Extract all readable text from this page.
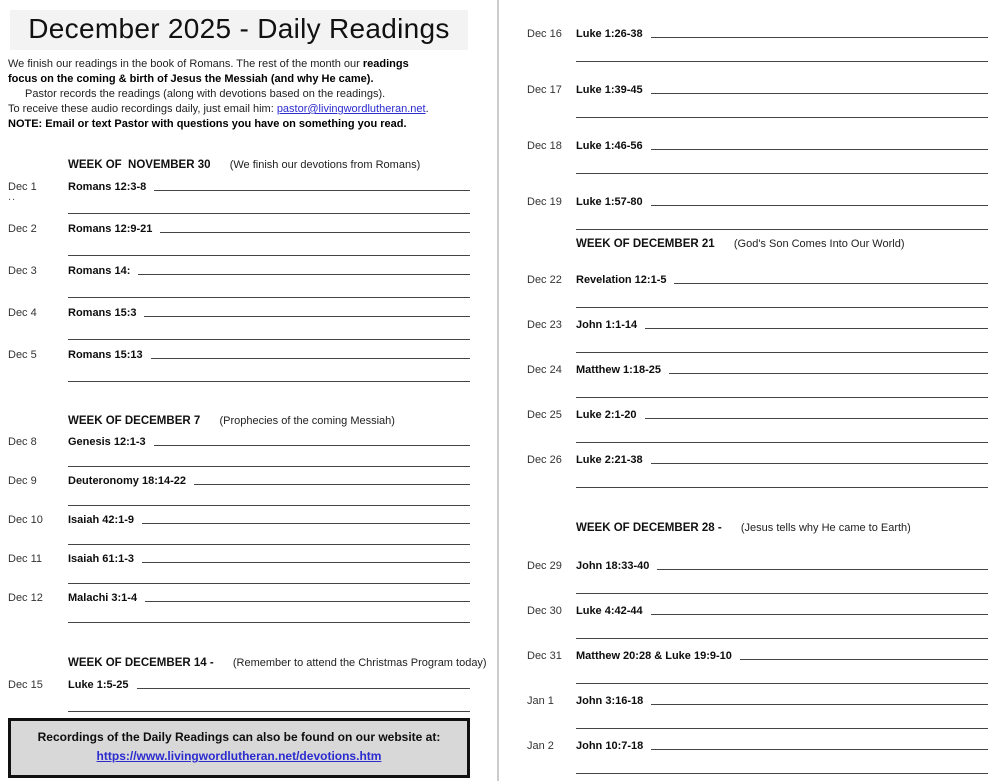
December 2025 - Daily Readings
We finish our readings in the book of Romans. The rest of the month our readings
focus on the coming & birth of Jesus the Messiah (and why He came).
Pastor records the readings (along with devotions based on the readings).
To receive these audio recordings daily, just email him: pastor@livingwordlutheran.net.
NOTE: Email or text Pastor with questions you have on something you read.
WEEK OF  NOVEMBER 30 (We finish our devotions from Romans)
Dec 1	Romans 12:3-8
..
Dec 2	Romans 12:9-21
Dec 3	Romans 14:
Dec 4	Romans 15:3
Dec 5	Romans 15:13
WEEK OF DECEMBER 7 (Prophecies of the coming Messiah)
Dec 8	Genesis 12:1-3
Dec 9	Deuteronomy 18:14-22
Dec 10	Isaiah 42:1-9
Dec 11	Isaiah 61:1-3
Dec 12	Malachi 3:1-4
WEEK OF DECEMBER 14 - (Remember to attend the Christmas Program today)
Dec 15	Luke 1:5-25
Recordings of the Daily Readings can also be found on our website at:
https://www.livingwordlutheran.net/devotions.htm
Dec 16	Luke 1:26-38
Dec 17	Luke 1:39-45
Dec 18	Luke 1:46-56
Dec 19	Luke 1:57-80
WEEK OF DECEMBER 21 (God's Son Comes Into Our World)
Dec 22	Revelation 12:1-5
Dec 23	John 1:1-14
Dec 24	Matthew 1:18-25
Dec 25	Luke 2:1-20
Dec 26	Luke 2:21-38
WEEK OF DECEMBER 28 - (Jesus tells why He came to Earth)
Dec 29	John 18:33-40
Dec 30	Luke 4:42-44
Dec 31	Matthew 20:28 & Luke 19:9-10
Jan 1	John 3:16-18
Jan 2	John 10:7-18
